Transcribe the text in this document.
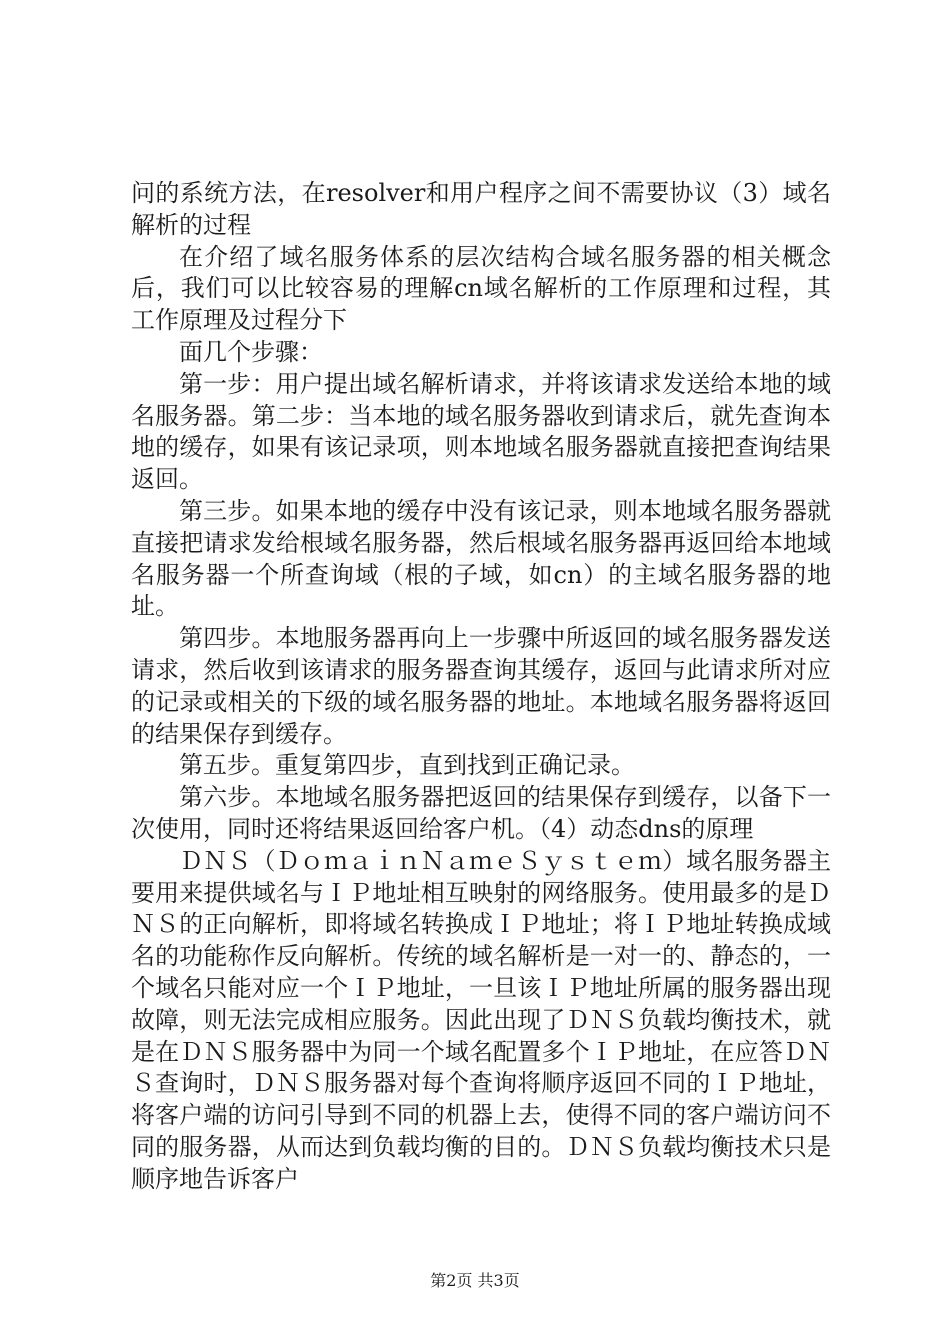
问的系统方法，在resolver和用户程序之间不需要协议（3）域名解析的过程

在介绍了域名服务体系的层次结构合域名服务器的相关概念后，我们可以比较容易的理解cn域名解析的工作原理和过程，其工作原理及过程分下

面几个步骤：

第一步：用户提出域名解析请求，并将该请求发送给本地的域名服务器。第二步：当本地的域名服务器收到请求后，就先查询本地的缓存，如果有该记录项，则本地域名服务器就直接把查询结果返回。

第三步。如果本地的缓存中没有该记录，则本地域名服务器就直接把请求发给根域名服务器，然后根域名服务器再返回给本地域名服务器一个所查询域（根的子域，如cn）的主域名服务器的地址。

第四步。本地服务器再向上一步骤中所返回的域名服务器发送请求，然后收到该请求的服务器查询其缓存，返回与此请求所对应的记录或相关的下级的域名服务器的地址。本地域名服务器将返回的结果保存到缓存。

第五步。重复第四步，直到找到正确记录。

第六步。本地域名服务器把返回的结果保存到缓存，以备下一次使用，同时还将结果返回给客户机。（4）动态dns的原理

ＤＮＳ（ＤｏｍａｉｎＮａｍｅＳｙｓｔｅｍ）域名服务器主要用来提供域名与ＩＰ地址相互映射的网络服务。使用最多的是ＤＮＳ的正向解析，即将域名转换成ＩＰ地址；将ＩＰ地址转换成域名的功能称作反向解析。传统的域名解析是一对一的、静态的，一个域名只能对应一个ＩＰ地址，一旦该ＩＰ地址所属的服务器出现故障，则无法完成相应服务。因此出现了ＤＮＳ负载均衡技术，就是在ＤＮＳ服务器中为同一个域名配置多个ＩＰ地址，在应答ＤＮＳ查询时，ＤＮＳ服务器对每个查询将顺序返回不同的ＩＰ地址，将客户端的访问引导到不同的机器上去，使得不同的客户端访问不同的服务器，从而达到负载均衡的目的。ＤＮＳ负载均衡技术只是顺序地告诉客户

第2页 共3页
